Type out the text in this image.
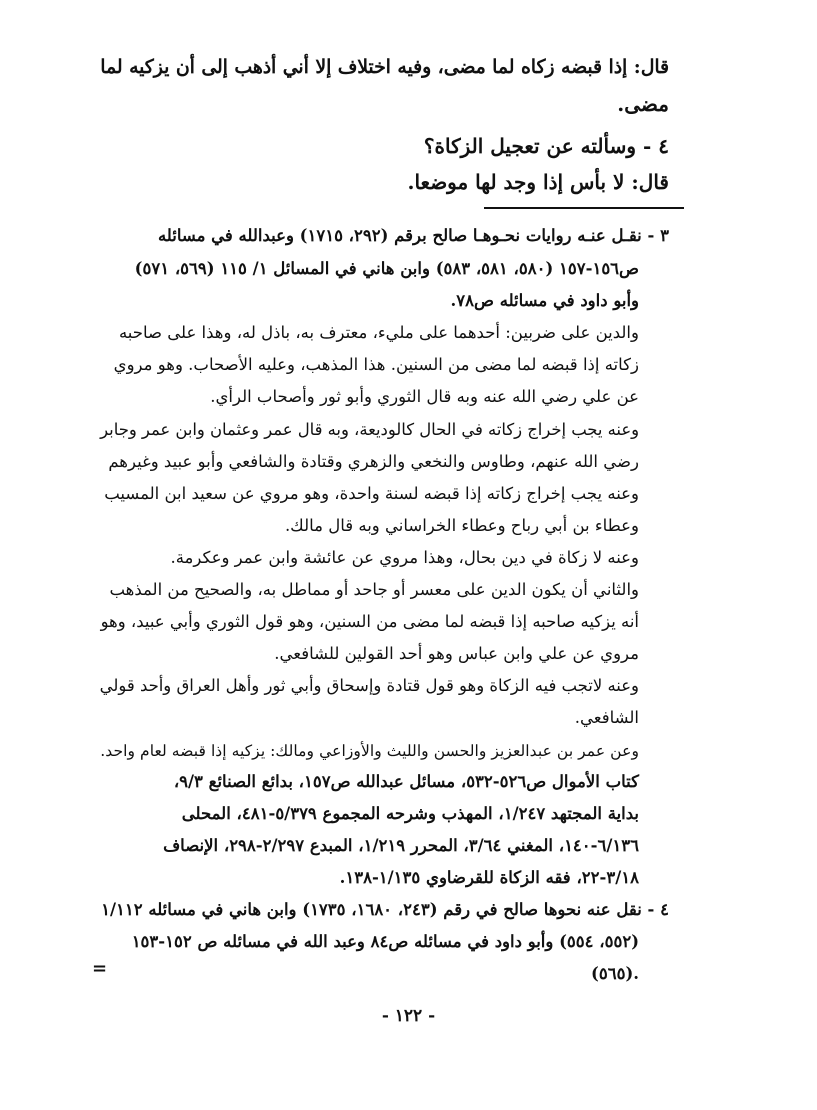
قال: إذا قبضه زكاه لما مضى، وفيه اختلاف إلا أني أذهب إلى أن يزكيه لما
مضى.
٤ - وسألته عن تعجيل الزكاة؟
قال: لا بأس إذا وجد لها موضعا.
٣ - نقـل عنـه روايات نحـوهـا صالح برقم (٢٩٢، ١٧١٥) وعبدالله في مسائله
ص١٥٦-١٥٧ (٥٨٠، ٥٨١، ٥٨٣) وابن هاني في المسائل ١/ ١١٥ (٥٦٩، ٥٧١)
وأبو داود في مسائله ص٧٨.
والدين على ضربين: أحدهما على مليء، معترف به، باذل له، وهذا على صاحبه
زكاته إذا قبضه لما مضى من السنين. هذا المذهب، وعليه الأصحاب. وهو مروي
عن علي رضي الله عنه وبه قال الثوري وأبو ثور وأصحاب الرأي.
وعنه يجب إخراج زكاته في الحال كالوديعة، وبه قال عمر وعثمان وابن عمر وجابر
رضي الله عنهم، وطاوس والنخعي والزهري وقتادة والشافعي وأبو عبيد وغيرهم
وعنه يجب إخراج زكاته إذا قبضه لسنة واحدة، وهو مروي عن سعيد ابن المسيب
وعطاء بن أبي رباح وعطاء الخراساني وبه قال مالك.
وعنه لا زكاة في دين بحال، وهذا مروي عن عائشة وابن عمر وعكرمة.
والثاني أن يكون الدين على معسر أو جاحد أو مماطل به، والصحيح من المذهب
أنه يزكيه صاحبه إذا قبضه لما مضى من السنين، وهو قول الثوري وأبي عبيد، وهو
مروي عن علي وابن عباس وهو أحد القولين للشافعي.
وعنه لاتجب فيه الزكاة وهو قول قتادة وإسحاق وأبي ثور وأهل العراق وأحد قولي
الشافعي.
وعن عمر بن عبدالعزيز والحسن والليث والأوزاعي ومالك: يزكيه إذا قبضه لعام واحد.
كتاب الأموال ص٥٢٦-٥٣٢، مسائل عبدالله ص١٥٧، بدائع الصنائع ٩/٣،
بداية المجتهد ١/٢٤٧، المهذب وشرحه المجموع ٥/٣٧٩-٤٨١، المحلى
٦/١٣٦-١٤٠، المغني ٣/٦٤، المحرر ١/٢١٩، المبدع ٢/٢٩٧-٢٩٨، الإنصاف
٣/١٨-٢٢، فقه الزكاة للقرضاوي ١/١٣٥-١٣٨.
٤ - نقل عنه نحوها صالح في رقم (٢٤٣، ١٦٨٠، ١٧٣٥) وابن هاني في مسائله ١/١١٢
(٥٥٢، ٥٥٤) وأبو داود في مسائله ص٨٤ وعبد الله في مسائله ص ١٥٢-١٥٣
(٥٦٥).
=
- ١٢٢ -
